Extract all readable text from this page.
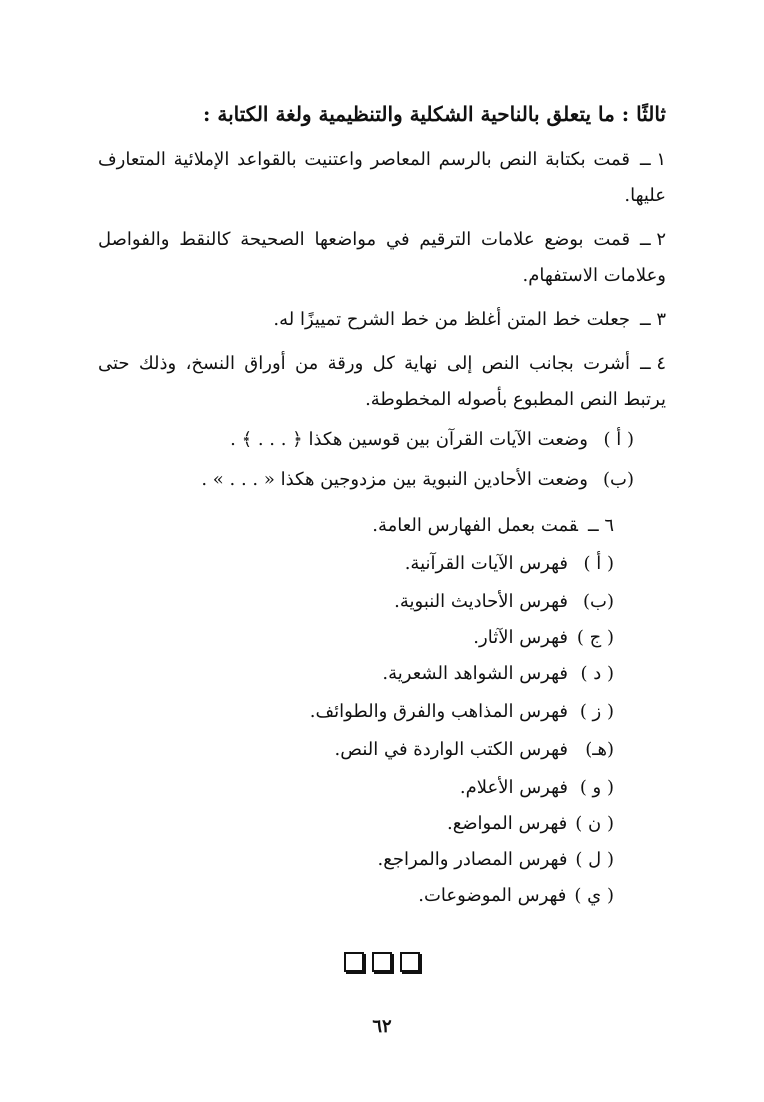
ثالثًا : ما يتعلق بالناحية الشكلية والتنظيمية ولغة الكتابة :
١ ــقمت بكتابة النص بالرسم المعاصر واعتنيت بالقواعد الإملائية المتعارف عليها.
٢ ــقمت بوضع علامات الترقيم في مواضعها الصحيحة كالنقط والفواصل وعلامات الاستفهام.
٣ ــجعلت خط المتن أغلظ من خط الشرح تمييزًا له.
٤ ــأشرت بجانب النص إلى نهاية كل ورقة من أوراق النسخ، وذلك حتى يرتبط النص المطبوع بأصوله المخطوطة.
( أ )وضعت الآيات القرآن بين قوسين هكذا ﴿ . . . ﴾ .
(ب)وضعت الأحادين النبوية بين مزدوجين هكذا « . . . » .
٦ ــقمت بعمل الفهارس العامة.
( أ )فهرس الآيات القرآنية.
(ب)فهرس الأحاديث النبوية.
( ج )فهرس الآثار.
( د )فهرس الشواهد الشعرية.
( ز )فهرس المذاهب والفرق والطوائف.
(هـ)فهرس الكتب الواردة في النص.
( و )فهرس الأعلام.
( ن )فهرس المواضع.
( ل )فهرس المصادر والمراجع.
( ي )فهرس الموضوعات.
٦٢
